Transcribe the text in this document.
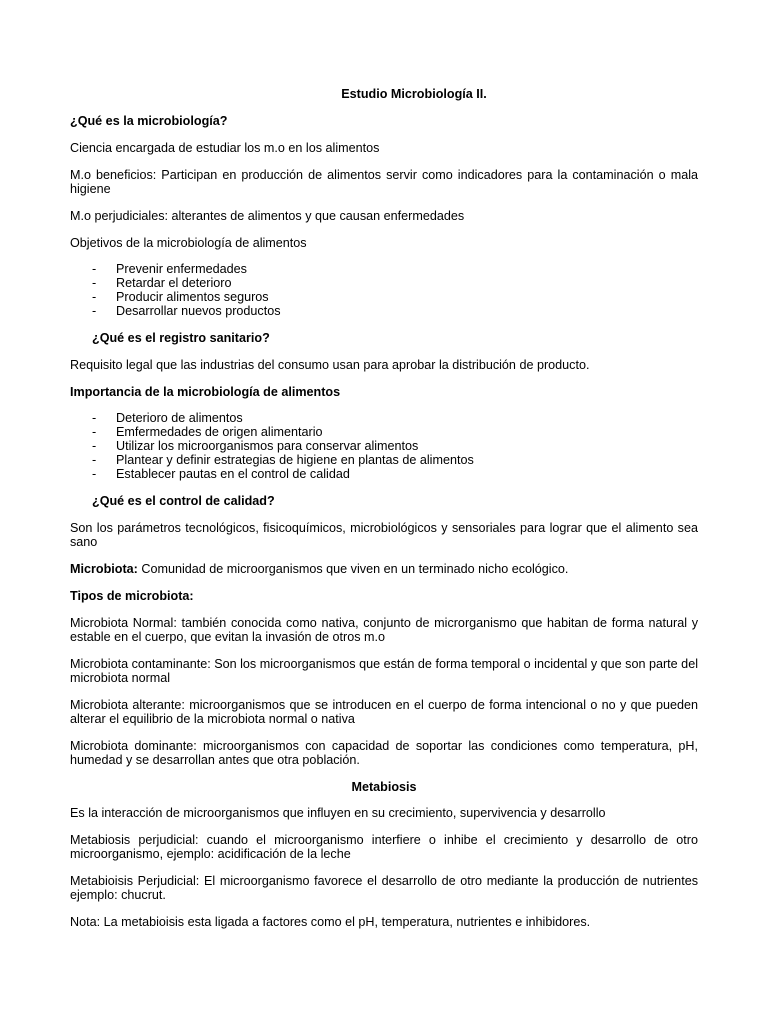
Estudio Microbiología II.

¿Qué es la microbiología?

Ciencia encargada de estudiar los m.o en los alimentos

M.o beneficios: Participan en producción de alimentos servir como indicadores para la contaminación o mala higiene

M.o perjudiciales: alterantes de alimentos y que causan enfermedades

Objetivos de la microbiología de alimentos

- Prevenir enfermedades
- Retardar el deterioro
- Producir alimentos seguros
- Desarrollar nuevos productos

¿Qué es el registro sanitario?

Requisito legal que las industrias del consumo usan para aprobar la distribución de producto.

Importancia de la microbiología de alimentos

- Deterioro de alimentos
- Emfermedades de origen alimentario
- Utilizar los microorganismos para conservar alimentos
- Plantear y definir estrategias de higiene en plantas de alimentos
- Establecer pautas en el control de calidad

¿Qué es el control de calidad?

Son los parámetros tecnológicos, fisicoquímicos, microbiológicos y sensoriales para lograr que el alimento sea sano

Microbiota: Comunidad de microorganismos que viven en un terminado nicho ecológico.

Tipos de microbiota:

Microbiota Normal: también conocida como nativa, conjunto de microrganismo que habitan de forma natural y estable en el cuerpo, que evitan la invasión de otros m.o

Microbiota contaminante: Son los microorganismos que están de forma temporal o incidental y que son parte del microbiota normal

Microbiota alterante: microorganismos que se introducen en el cuerpo de forma intencional o no y que pueden alterar el equilibrio de la microbiota normal o nativa

Microbiota dominante: microorganismos con capacidad de soportar las condiciones como temperatura, pH, humedad y se desarrollan antes que otra población.

Metabiosis

Es la interacción de microorganismos que influyen en su crecimiento, supervivencia y desarrollo

Metabiosis perjudicial: cuando el microorganismo interfiere o inhibe el crecimiento y desarrollo de otro microorganismo, ejemplo: acidificación de la leche

Metabioisis Perjudicial: El microorganismo favorece el desarrollo de otro mediante la producción de nutrientes ejemplo: chucrut.

Nota: La metabioisis esta ligada a factores como el pH, temperatura, nutrientes e inhibidores.
